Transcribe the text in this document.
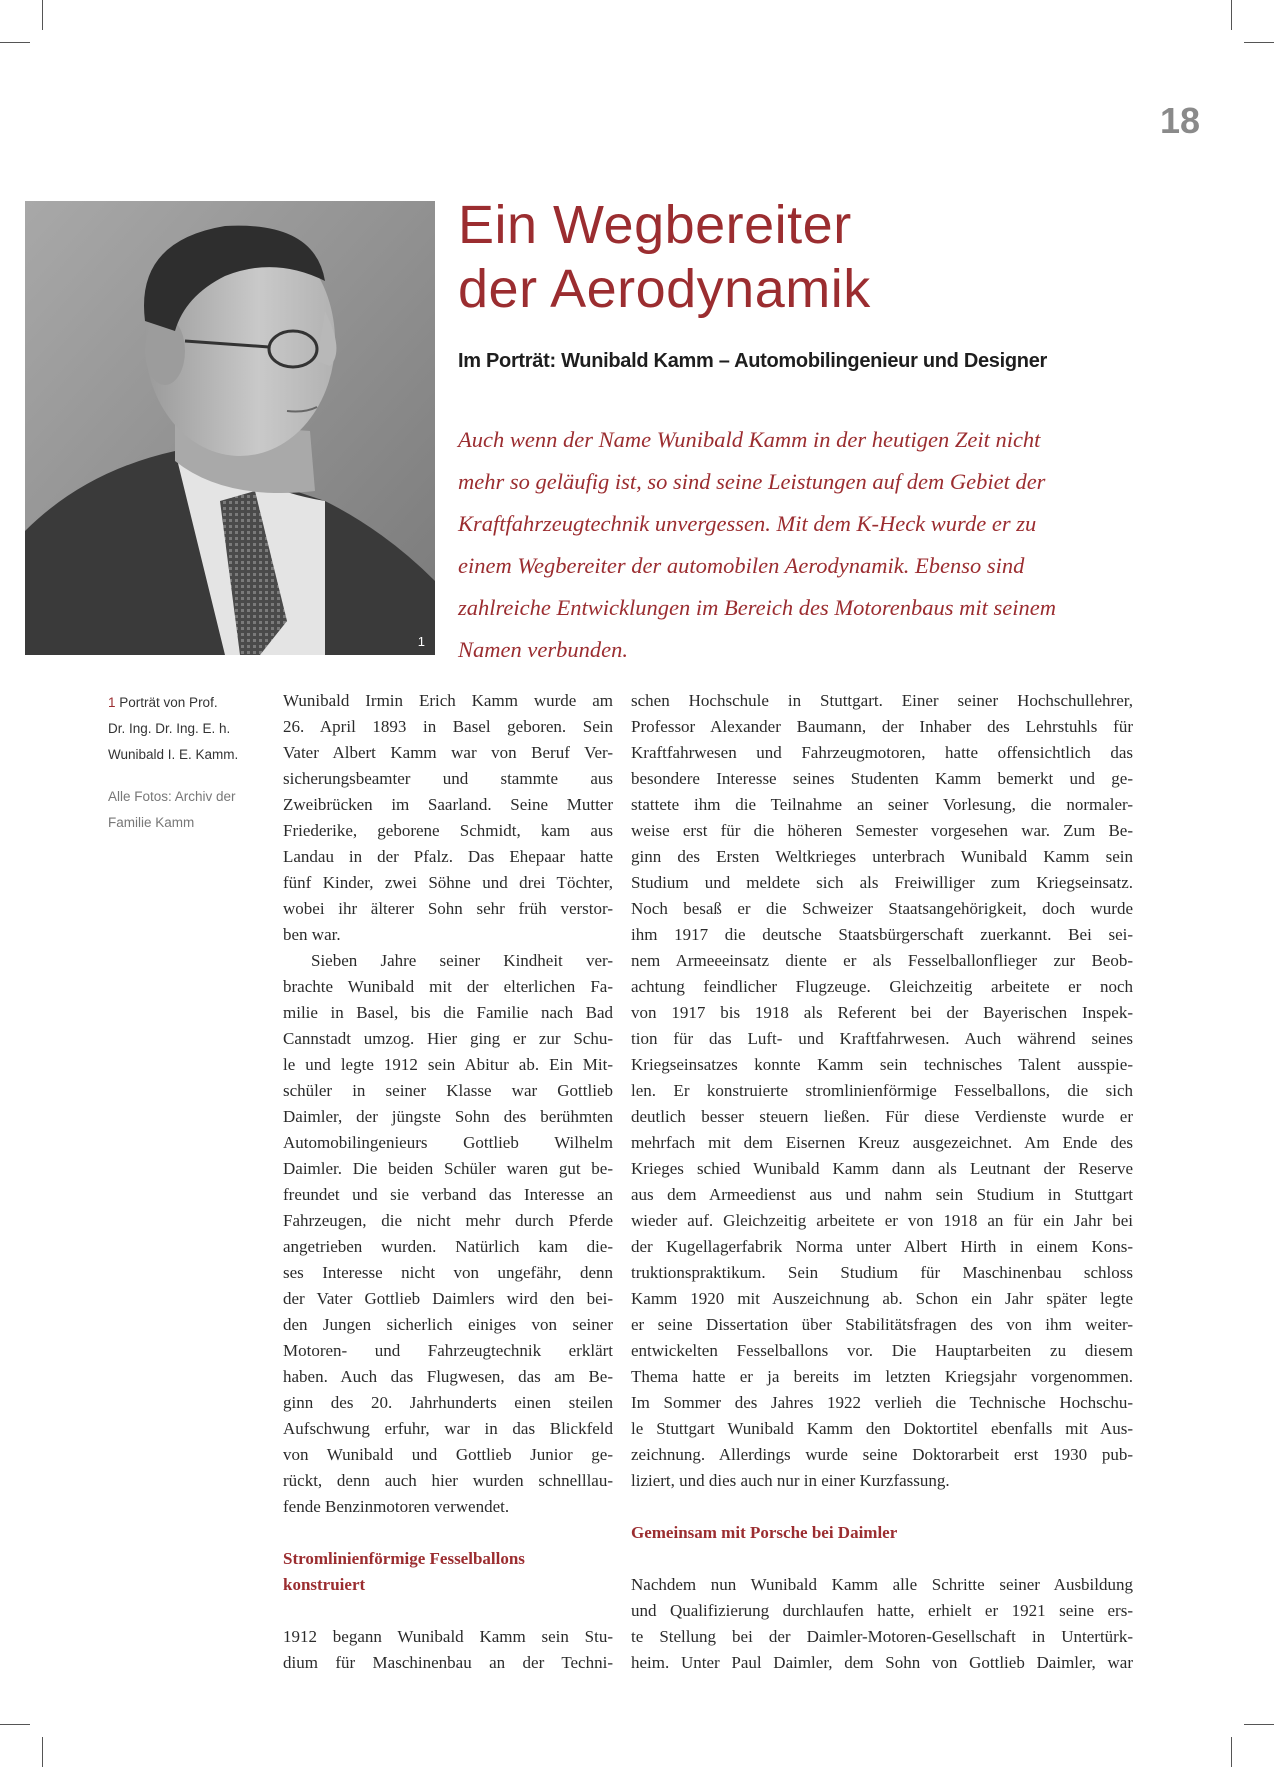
18
1
Ein Wegbereiter
der Aerodynamik
Im Porträt: Wunibald Kamm – Automobilingenieur und Designer
Auch wenn der Name Wunibald Kamm in der heutigen Zeit nicht
mehr so geläufig ist, so sind seine Leistungen auf dem Gebiet der
Kraftfahrzeugtechnik unvergessen. Mit dem K-Heck wurde er zu
einem Wegbereiter der automobilen Aerodynamik. Ebenso sind
zahlreiche Entwicklungen im Bereich des Motorenbaus mit seinem
Namen verbunden.
1 Porträt von Prof.
Dr. Ing. Dr. Ing. E. h.
Wunibald I. E. Kamm.
Alle Fotos: Archiv der
Familie Kamm
Wunibald Irmin Erich Kamm wurde am
26. April 1893 in Basel geboren. Sein
Vater Albert Kamm war von Beruf Ver-
sicherungsbeamter und stammte aus
Zweibrücken im Saarland. Seine Mutter
Friederike, geborene Schmidt, kam aus
Landau in der Pfalz. Das Ehepaar hatte
fünf Kinder, zwei Söhne und drei Töchter,
wobei ihr älterer Sohn sehr früh verstor-
ben war.
Sieben Jahre seiner Kindheit ver-
brachte Wunibald mit der elterlichen Fa-
milie in Basel, bis die Familie nach Bad
Cannstadt umzog. Hier ging er zur Schu-
le und legte 1912 sein Abitur ab. Ein Mit-
schüler in seiner Klasse war Gottlieb
Daimler, der jüngste Sohn des berühmten
Automobilingenieurs Gottlieb Wilhelm
Daimler. Die beiden Schüler waren gut be-
freundet und sie verband das Interesse an
Fahrzeugen, die nicht mehr durch Pferde
angetrieben wurden. Natürlich kam die-
ses Interesse nicht von ungefähr, denn
der Vater Gottlieb Daimlers wird den bei-
den Jungen sicherlich einiges von seiner
Motoren- und Fahrzeugtechnik erklärt
haben. Auch das Flugwesen, das am Be-
ginn des 20. Jahrhunderts einen steilen
Aufschwung erfuhr, war in das Blickfeld
von Wunibald und Gottlieb Junior ge-
rückt, denn auch hier wurden schnelllau-
fende Benzinmotoren verwendet.
Stromlinienförmige Fesselballons
konstruiert
1912 begann Wunibald Kamm sein Stu-
dium für Maschinenbau an der Techni-
schen Hochschule in Stuttgart. Einer seiner Hochschullehrer,
Professor Alexander Baumann, der Inhaber des Lehrstuhls für
Kraftfahrwesen und Fahrzeugmotoren, hatte offensichtlich das
besondere Interesse seines Studenten Kamm bemerkt und ge-
stattete ihm die Teilnahme an seiner Vorlesung, die normaler-
weise erst für die höheren Semester vorgesehen war. Zum Be-
ginn des Ersten Weltkrieges unterbrach Wunibald Kamm sein
Studium und meldete sich als Freiwilliger zum Kriegseinsatz.
Noch besaß er die Schweizer Staatsangehörigkeit, doch wurde
ihm 1917 die deutsche Staatsbürgerschaft zuerkannt. Bei sei-
nem Armeeeinsatz diente er als Fesselballonflieger zur Beob-
achtung feindlicher Flugzeuge. Gleichzeitig arbeitete er noch
von 1917 bis 1918 als Referent bei der Bayerischen Inspek-
tion für das Luft- und Kraftfahrwesen. Auch während seines
Kriegseinsatzes konnte Kamm sein technisches Talent ausspie-
len. Er konstruierte stromlinienförmige Fesselballons, die sich
deutlich besser steuern ließen. Für diese Verdienste wurde er
mehrfach mit dem Eisernen Kreuz ausgezeichnet. Am Ende des
Krieges schied Wunibald Kamm dann als Leutnant der Reserve
aus dem Armeedienst aus und nahm sein Studium in Stuttgart
wieder auf. Gleichzeitig arbeitete er von 1918 an für ein Jahr bei
der Kugellagerfabrik Norma unter Albert Hirth in einem Kons-
truktionspraktikum. Sein Studium für Maschinenbau schloss
Kamm 1920 mit Auszeichnung ab. Schon ein Jahr später legte
er seine Dissertation über Stabilitätsfragen des von ihm weiter-
entwickelten Fesselballons vor. Die Hauptarbeiten zu diesem
Thema hatte er ja bereits im letzten Kriegsjahr vorgenommen.
Im Sommer des Jahres 1922 verlieh die Technische Hochschu-
le Stuttgart Wunibald Kamm den Doktortitel ebenfalls mit Aus-
zeichnung. Allerdings wurde seine Doktorarbeit erst 1930 pub-
liziert, und dies auch nur in einer Kurzfassung.
Gemeinsam mit Porsche bei Daimler
Nachdem nun Wunibald Kamm alle Schritte seiner Ausbildung
und Qualifizierung durchlaufen hatte, erhielt er 1921 seine ers-
te Stellung bei der Daimler-Motoren-Gesellschaft in Untertürk-
heim. Unter Paul Daimler, dem Sohn von Gottlieb Daimler, war
